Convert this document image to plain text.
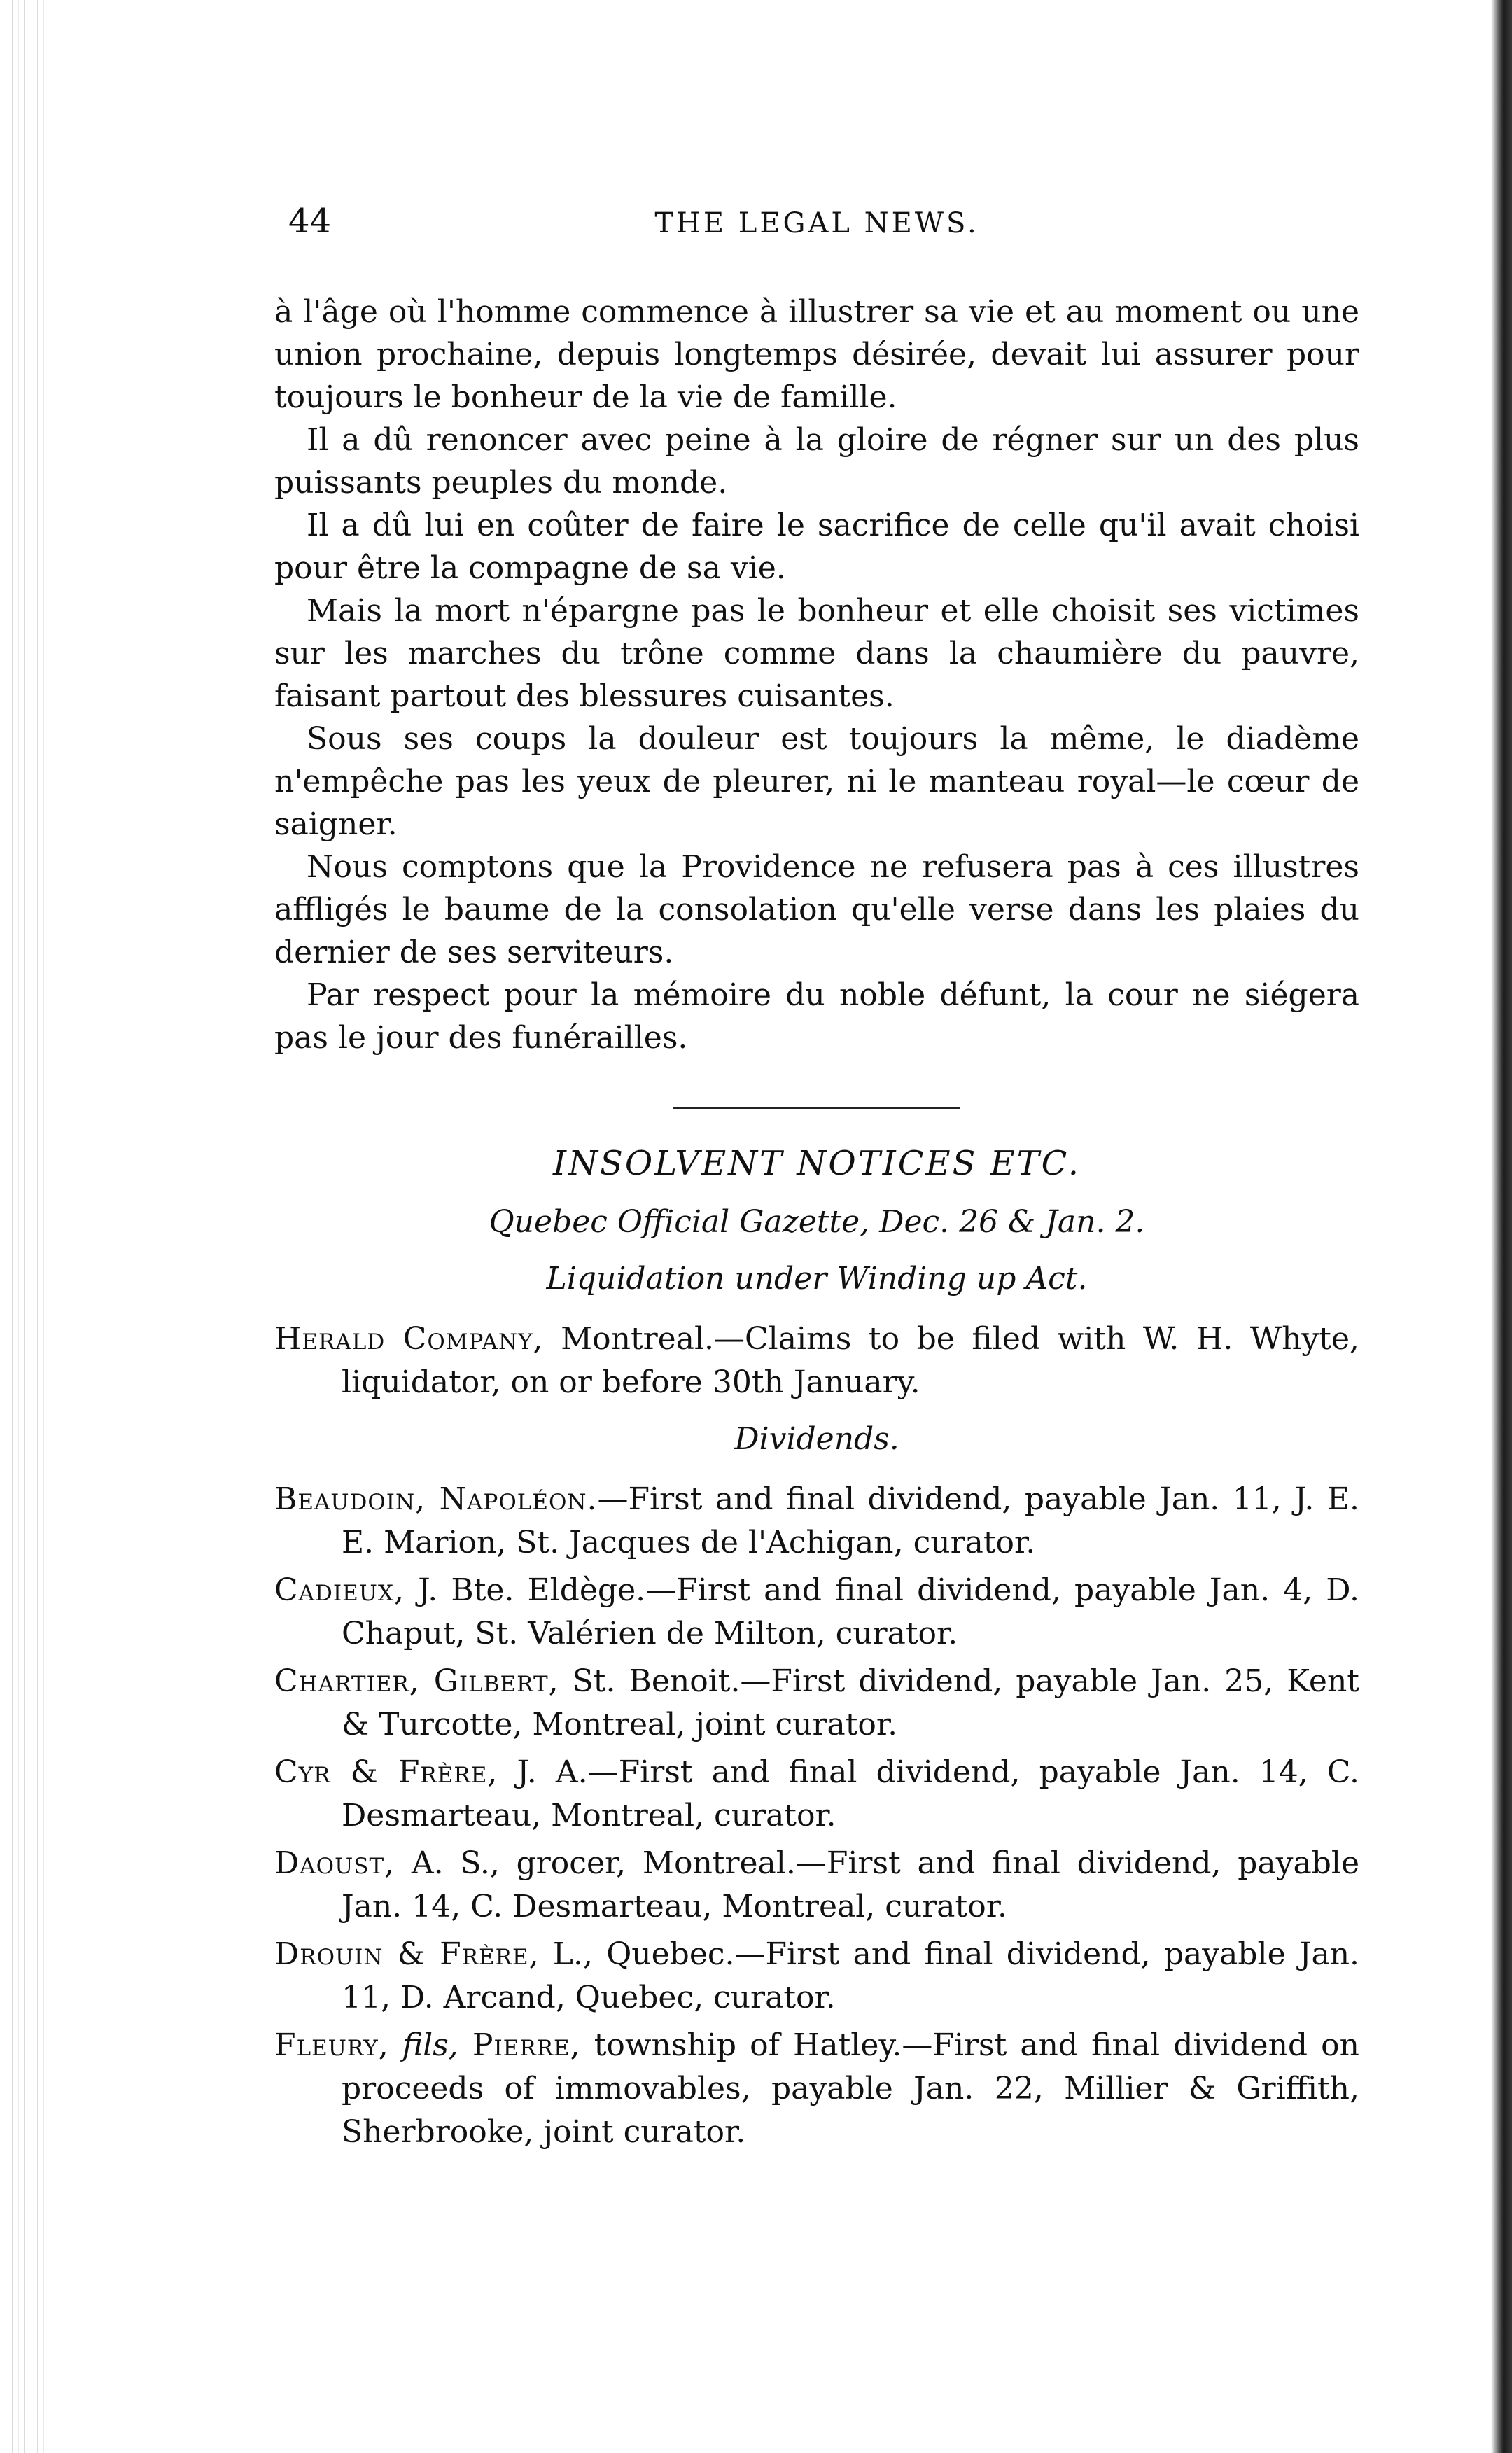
44	THE LEGAL NEWS.

à l'âge où l'homme commence à illustrer sa vie et au moment ou une union prochaine, depuis longtemps désirée, devait lui assurer pour toujours le bonheur de la vie de famille.

Il a dû renoncer avec peine à la gloire de régner sur un des plus puissants peuples du monde.

Il a dû lui en coûter de faire le sacrifice de celle qu'il avait choisi pour être la compagne de sa vie.

Mais la mort n'épargne pas le bonheur et elle choisit ses victimes sur les marches du trône comme dans la chaumière du pauvre, faisant partout des blessures cuisantes.

Sous ses coups la douleur est toujours la même, le diadème n'empêche pas les yeux de pleurer, ni le manteau royal—le cœur de saigner.

Nous comptons que la Providence ne refusera pas à ces illustres affligés le baume de la consolation qu'elle verse dans les plaies du dernier de ses serviteurs.

Par respect pour la mémoire du noble défunt, la cour ne siégera pas le jour des funérailles.

INSOLVENT NOTICES ETC.
Quebec Official Gazette, Dec. 26 & Jan. 2.
Liquidation under Winding up Act.

Herald Company, Montreal.—Claims to be filed with W. H. Whyte, liquidator, on or before 30th January.

Dividends.

Beaudoin, Napoléon.—First and final dividend, payable Jan. 11, J. E. E. Marion, St. Jacques de l'Achigan, curator.

Cadieux, J. Bte. Eldège.—First and final dividend, payable Jan. 4, D. Chaput, St. Valérien de Milton, curator.

Chartier, Gilbert, St. Benoit.—First dividend, payable Jan. 25, Kent & Turcotte, Montreal, joint curator.

Cyr & Frère, J. A.—First and final dividend, payable Jan. 14, C. Desmarteau, Montreal, curator.

Daoust, A. S., grocer, Montreal.—First and final dividend, payable Jan. 14, C. Desmarteau, Montreal, curator.

Drouin & Frère, L., Quebec.—First and final dividend, payable Jan. 11, D. Arcand, Quebec, curator.

Fleury, fils, Pierre, township of Hatley.—First and final dividend on proceeds of immovables, payable Jan. 22, Millier & Griffith, Sherbrooke, joint curator.
